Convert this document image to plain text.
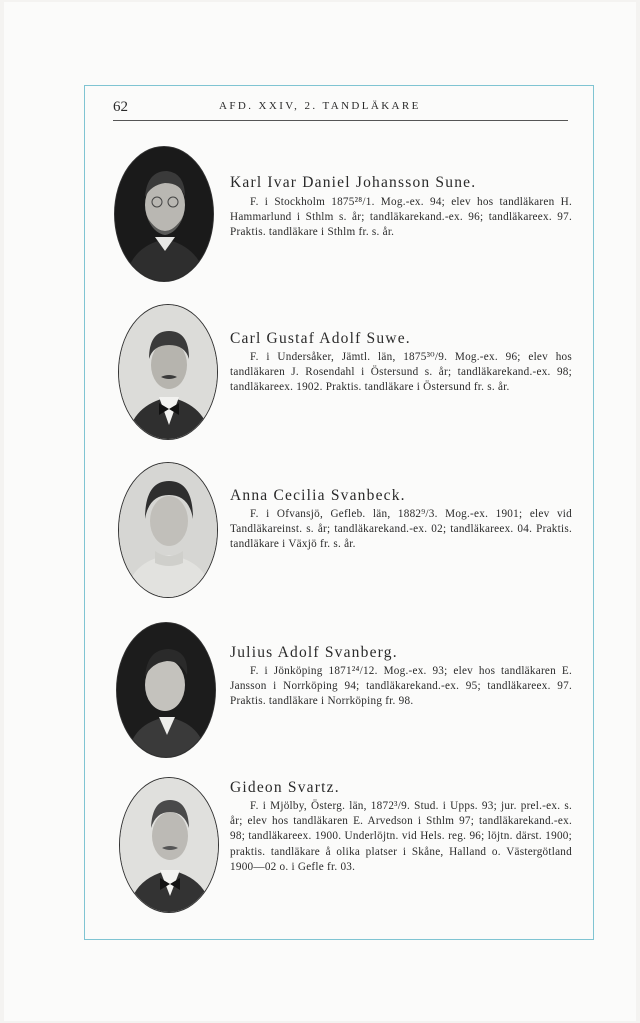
62	AFD. XXIV, 2. TANDLÄKARE
Karl Ivar Daniel Johansson Sune.
F. i Stockholm 1875²⁸/1. Mog.-ex. 94; elev hos tandläkaren H. Hammarlund i Sthlm s. år; tandläkarekand.-ex. 96; tandläkareex. 97. Praktis. tandläkare i Sthlm fr. s. år.
Carl Gustaf Adolf Suwe.
F. i Undersåker, Jämtl. län, 1875³⁰/9. Mog.-ex. 96; elev hos tandläkaren J. Rosendahl i Östersund s. år; tandläkarekand.-ex. 98; tandläkareex. 1902. Praktis. tandläkare i Östersund fr. s. år.
Anna Cecilia Svanbeck.
F. i Ofvansjö, Gefleb. län, 1882⁹/3. Mog.-ex. 1901; elev vid Tandläkareinst. s. år; tandläkarekand.-ex. 02; tandläkareex. 04. Praktis. tandläkare i Växjö fr. s. år.
Julius Adolf Svanberg.
F. i Jönköping 1871²⁴/12. Mog.-ex. 93; elev hos tandläkaren E. Jansson i Norrköping 94; tandläkarekand.-ex. 95; tandläkareex. 97. Praktis. tandläkare i Norrköping fr. 98.
Gideon Svartz.
F. i Mjölby, Österg. län, 1872³/9. Stud. i Upps. 93; jur. prel.-ex. s. år; elev hos tandläkaren E. Arvedson i Sthlm 97; tandläkarekand.-ex. 98; tandläkareex. 1900. Underlöjtn. vid Hels. reg. 96; löjtn. därst. 1900; praktis. tandläkare å olika platser i Skåne, Halland o. Västergötland 1900—02 o. i Gefle fr. 03.
